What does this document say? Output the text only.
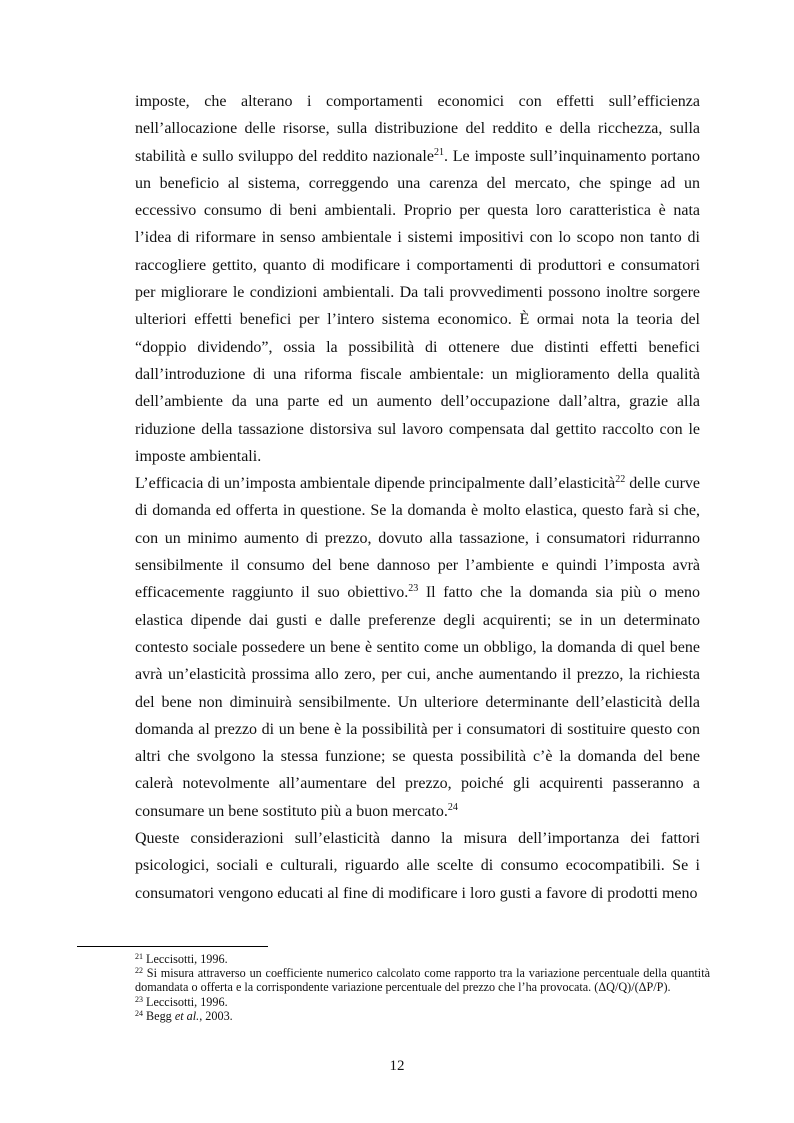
imposte, che alterano i comportamenti economici con effetti sull’efficienza nell’allocazione delle risorse, sulla distribuzione del reddito e della ricchezza, sulla stabilità e sullo sviluppo del reddito nazionale$^{21}$. Le imposte sull’inquinamento portano un beneficio al sistema, correggendo una carenza del mercato, che spinge ad un eccessivo consumo di beni ambientali. Proprio per questa loro caratteristica è nata l’idea di riformare in senso ambientale i sistemi impositivi con lo scopo non tanto di raccogliere gettito, quanto di modificare i comportamenti di produttori e consumatori per migliorare le condizioni ambientali. Da tali provvedimenti possono inoltre sorgere ulteriori effetti benefici per l’intero sistema economico. È ormai nota la teoria del “doppio dividendo”, ossia la possibilità di ottenere due distinti effetti benefici dall’introduzione di una riforma fiscale ambientale: un miglioramento della qualità dell’ambiente da una parte ed un aumento dell’occupazione dall’altra, grazie alla riduzione della tassazione distorsiva sul lavoro compensata dal gettito raccolto con le imposte ambientali.

L’efficacia di un’imposta ambientale dipende principalmente dall’elasticità$^{22}$ delle curve di domanda ed offerta in questione. Se la domanda è molto elastica, questo farà si che, con un minimo aumento di prezzo, dovuto alla tassazione, i consumatori ridurranno sensibilmente il consumo del bene dannoso per l’ambiente e quindi l’imposta avrà efficacemente raggiunto il suo obiettivo.$^{23}$ Il fatto che la domanda sia più o meno elastica dipende dai gusti e dalle preferenze degli acquirenti; se in un determinato contesto sociale possedere un bene è sentito come un obbligo, la domanda di quel bene avrà un’elasticità prossima allo zero, per cui, anche aumentando il prezzo, la richiesta del bene non diminuirà sensibilmente. Un ulteriore determinante dell’elasticità della domanda al prezzo di un bene è la possibilità per i consumatori di sostituire questo con altri che svolgono la stessa funzione; se questa possibilità c’è la domanda del bene calerà notevolmente all’aumentare del prezzo, poiché gli acquirenti passeranno a consumare un bene sostituto più a buon mercato.$^{24}$

Queste considerazioni sull’elasticità danno la misura dell’importanza dei fattori psicologici, sociali e culturali, riguardo alle scelte di consumo ecocompatibili. Se i consumatori vengono educati al fine di modificare i loro gusti a favore di prodotti meno

$^{21}$ Leccisotti, 1996.

$^{22}$ Si misura attraverso un coefficiente numerico calcolato come rapporto tra la variazione percentuale della quantità domandata o offerta e la corrispondente variazione percentuale del prezzo che l’ha provocata. (ΔQ/Q)/(ΔP/P).

$^{23}$ Leccisotti, 1996.

$^{24}$ Begg et al., 2003.

12
